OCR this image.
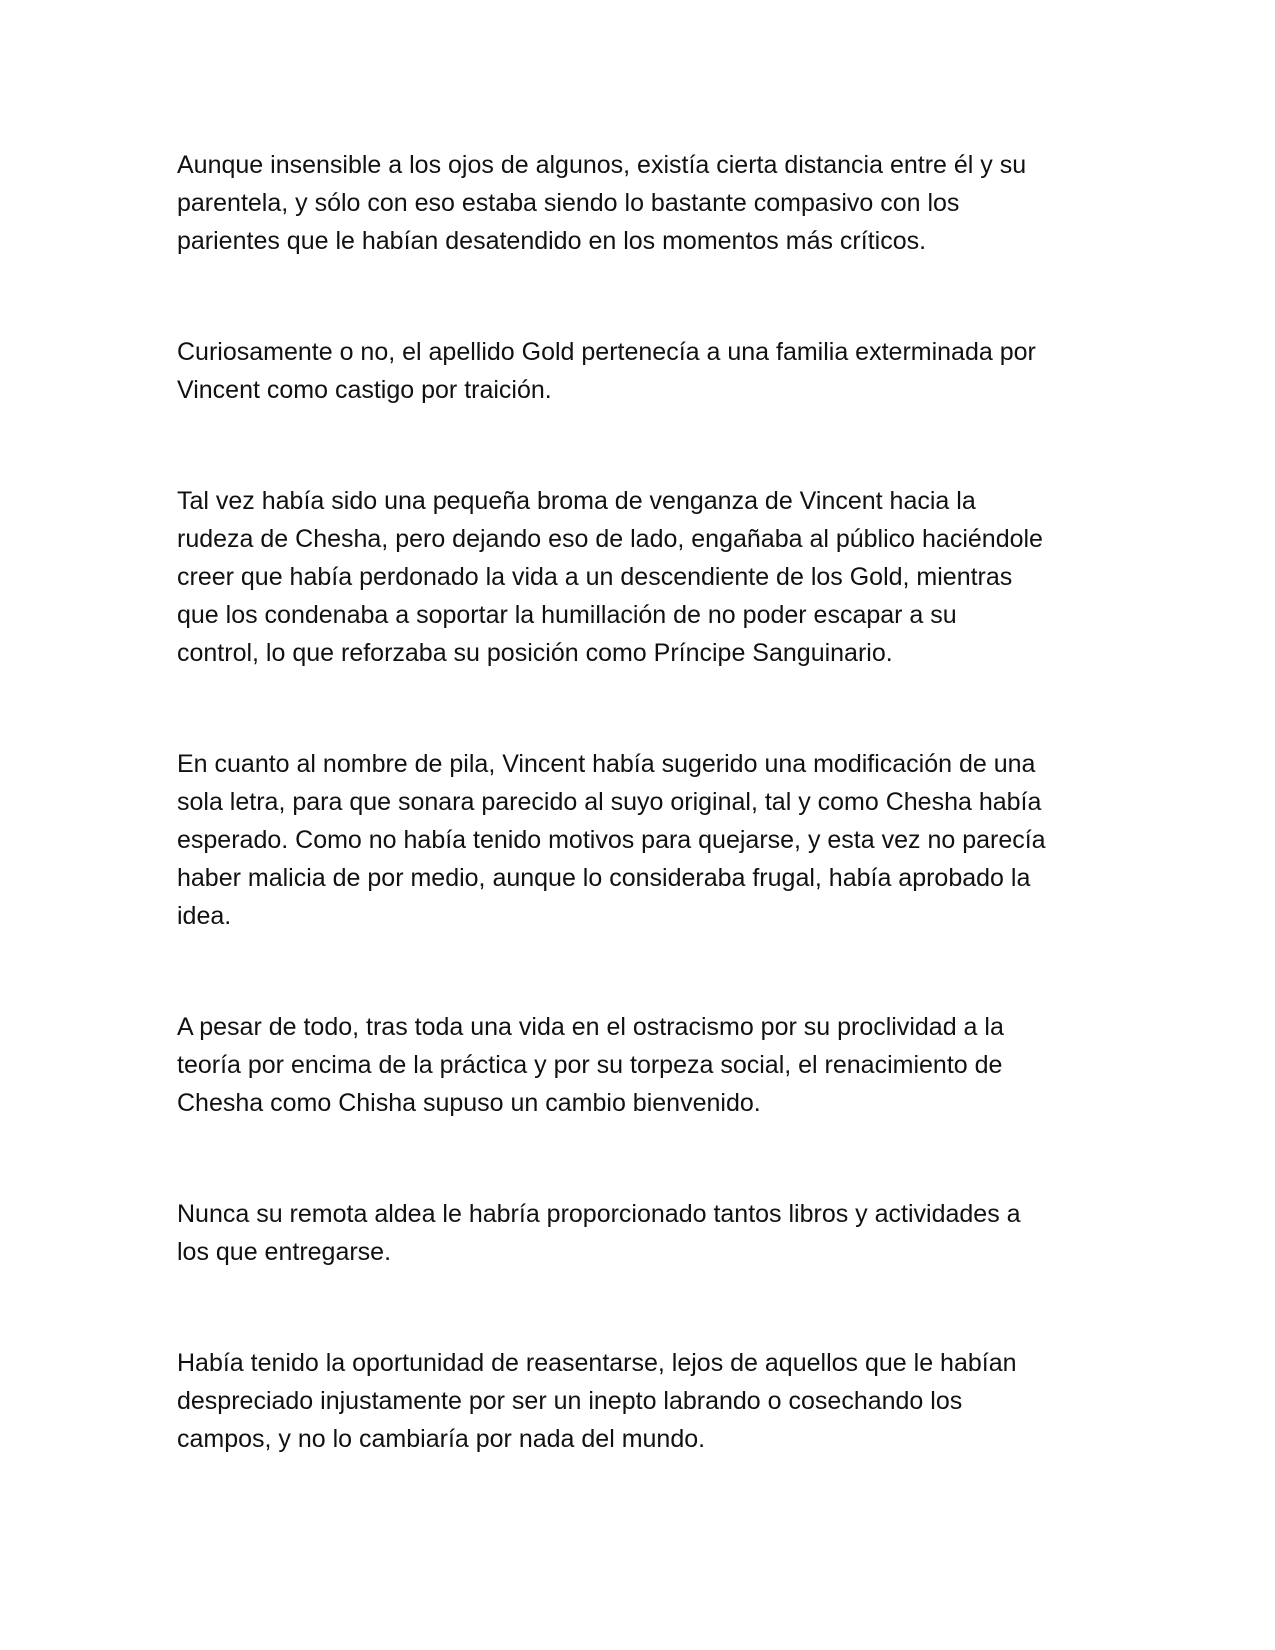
Aunque insensible a los ojos de algunos, existía cierta distancia entre él y su
parentela, y sólo con eso estaba siendo lo bastante compasivo con los
parientes que le habían desatendido en los momentos más críticos.

Curiosamente o no, el apellido Gold pertenecía a una familia exterminada por
Vincent como castigo por traición.

Tal vez había sido una pequeña broma de venganza de Vincent hacia la
rudeza de Chesha, pero dejando eso de lado, engañaba al público haciéndole
creer que había perdonado la vida a un descendiente de los Gold, mientras
que los condenaba a soportar la humillación de no poder escapar a su
control, lo que reforzaba su posición como Príncipe Sanguinario.

En cuanto al nombre de pila, Vincent había sugerido una modificación de una
sola letra, para que sonara parecido al suyo original, tal y como Chesha había
esperado. Como no había tenido motivos para quejarse, y esta vez no parecía
haber malicia de por medio, aunque lo consideraba frugal, había aprobado la
idea.

A pesar de todo, tras toda una vida en el ostracismo por su proclividad a la
teoría por encima de la práctica y por su torpeza social, el renacimiento de
Chesha como Chisha supuso un cambio bienvenido.

Nunca su remota aldea le habría proporcionado tantos libros y actividades a
los que entregarse.

Había tenido la oportunidad de reasentarse, lejos de aquellos que le habían
despreciado injustamente por ser un inepto labrando o cosechando los
campos, y no lo cambiaría por nada del mundo.
